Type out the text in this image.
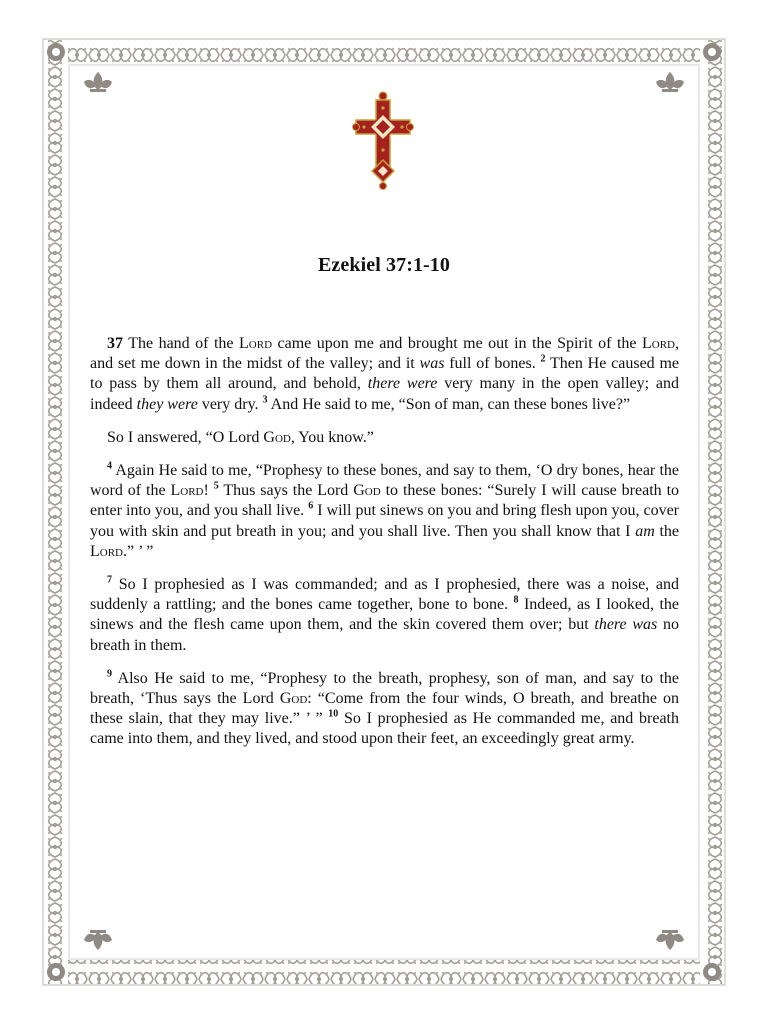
Ezekiel 37:1-10

37 The hand of the Lord came upon me and brought me out in the Spirit of the Lord, and set me down in the midst of the valley; and it was full of bones. $^2$ Then He caused me to pass by them all around, and behold, there were very many in the open valley; and indeed they were very dry. $^3$ And He said to me, “Son of man, can these bones live?”

So I answered, “O Lord God, You know.”

$^4$ Again He said to me, “Prophesy to these bones, and say to them, ‘O dry bones, hear the word of the Lord! $^5$ Thus says the Lord God to these bones: “Surely I will cause breath to enter into you, and you shall live. $^6$ I will put sinews on you and bring flesh upon you, cover you with skin and put breath in you; and you shall live. Then you shall know that I am the Lord.” ’ ”

$^7$ So I prophesied as I was commanded; and as I prophesied, there was a noise, and suddenly a rattling; and the bones came together, bone to bone. $^8$ Indeed, as I looked, the sinews and the flesh came upon them, and the skin covered them over; but there was no breath in them.

$^9$ Also He said to me, “Prophesy to the breath, prophesy, son of man, and say to the breath, ‘Thus says the Lord God: “Come from the four winds, O breath, and breathe on these slain, that they may live.” ’ ” $^{10}$ So I prophesied as He commanded me, and breath came into them, and they lived, and stood upon their feet, an exceedingly great army.
